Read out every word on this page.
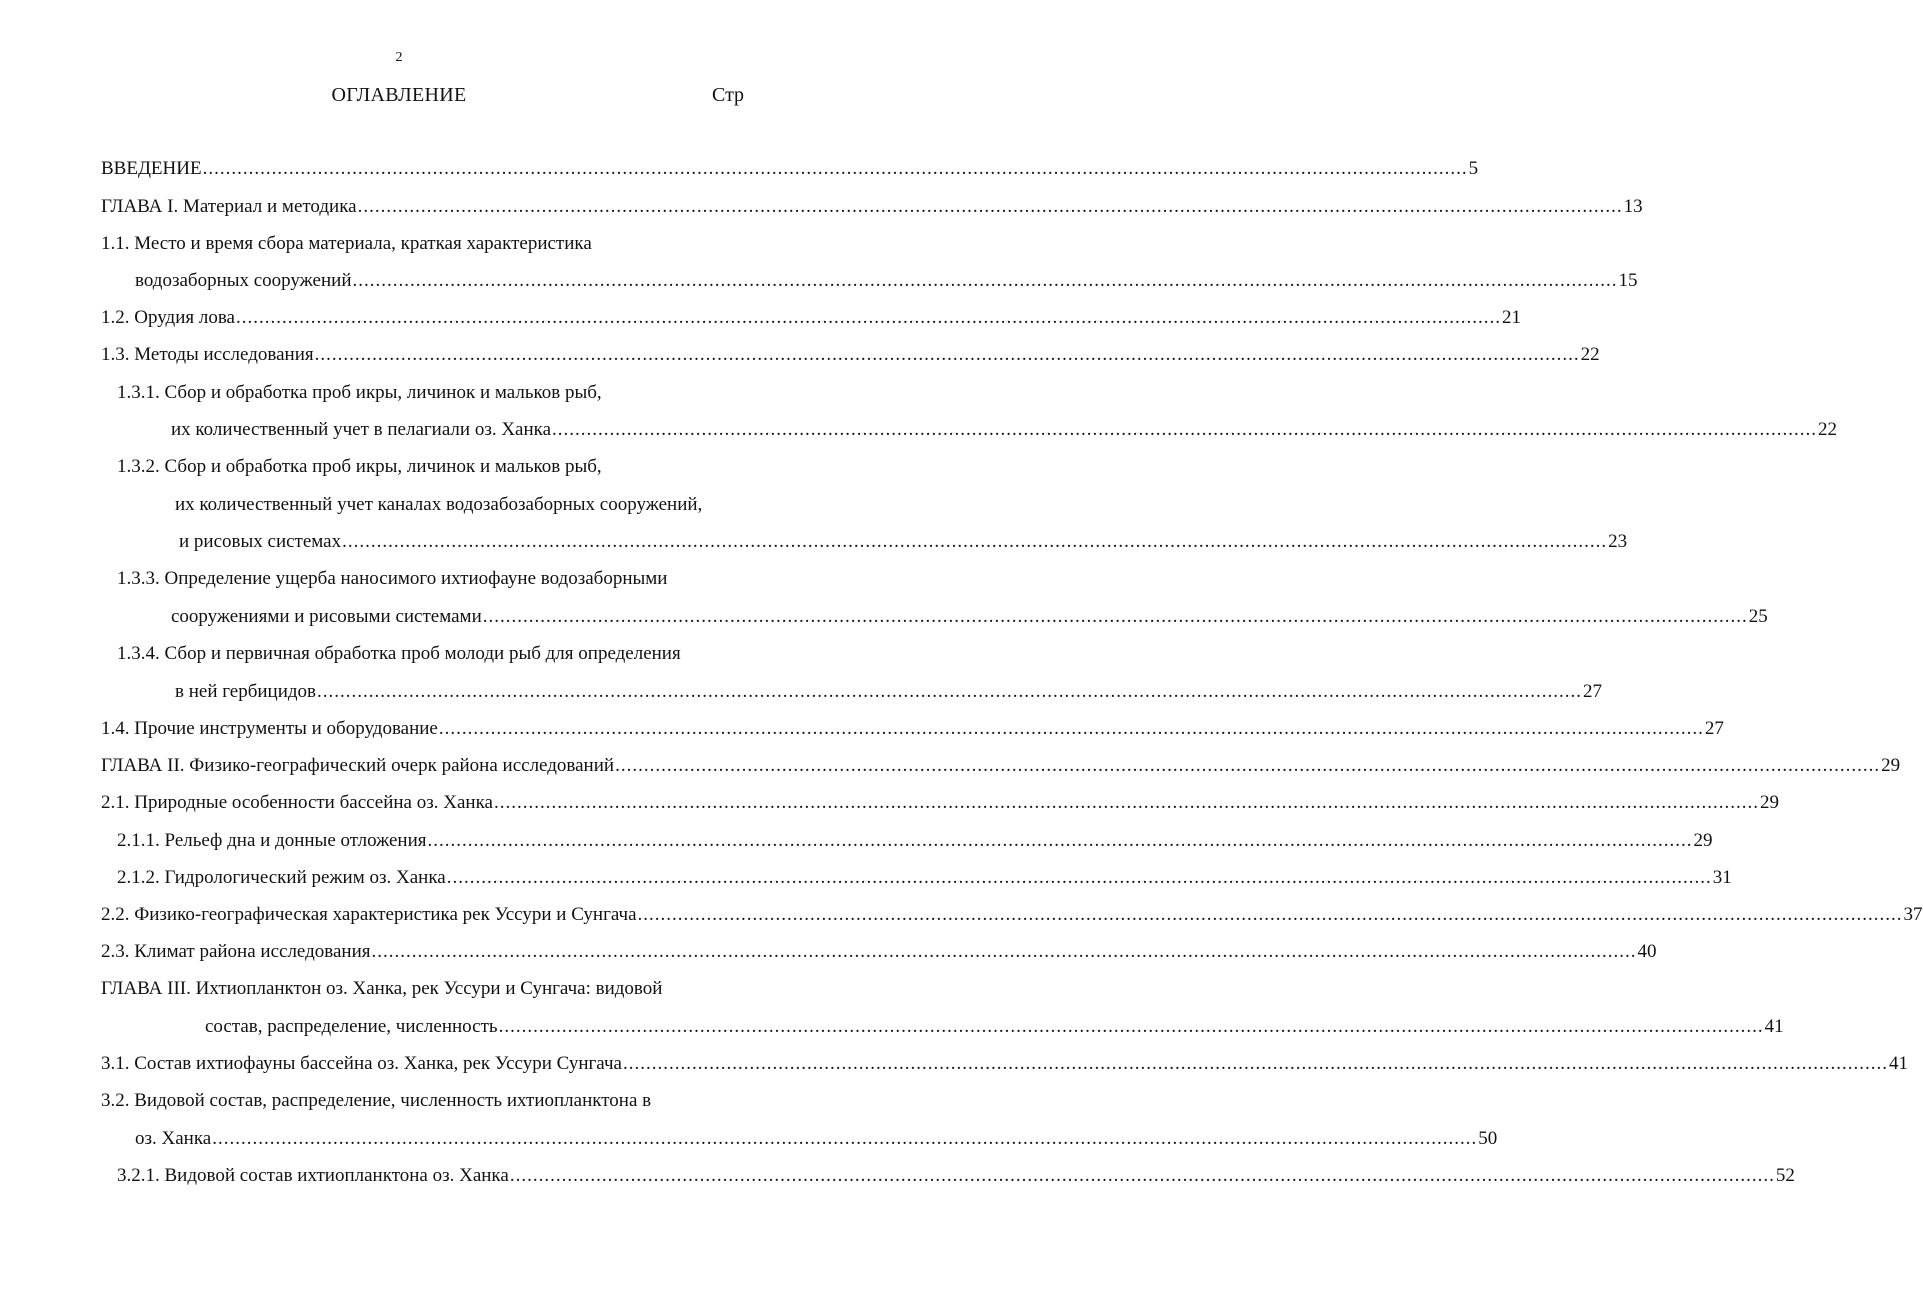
2
ОГЛАВЛЕНИЕ	Стр
ВВЕДЕНИЕ ............................................................................................................................................................................................................................ 5
ГЛАВА I. Материал и методика ............................................................................................................................................................................................................................ 13
1.1. Место и время сбора материала, краткая характеристика
водозаборных сооружений ............................................................................................................................................................................................................................ 15
1.2. Орудия лова ............................................................................................................................................................................................................................ 21
1.3. Методы исследования ............................................................................................................................................................................................................................ 22
1.3.1. Сбор и обработка проб икры, личинок и мальков рыб,
их количественный учет в пелагиали оз. Ханка ............................................................................................................................................................................................................................ 22
1.3.2. Сбор и обработка проб икры, личинок и мальков рыб,
их количественный учет каналах водозабозаборных сооружений,
и рисовых системах ............................................................................................................................................................................................................................ 23
1.3.3. Определение ущерба наносимого ихтиофауне водозаборными
сооружениями и рисовыми системами ............................................................................................................................................................................................................................ 25
1.3.4. Сбор и первичная обработка проб молоди рыб для определения
в ней гербицидов ............................................................................................................................................................................................................................ 27
1.4. Прочие инструменты и оборудование ............................................................................................................................................................................................................................ 27
ГЛАВА II. Физико-географический очерк района исследований ............................................................................................................................................................................................................................ 29
2.1. Природные особенности бассейна оз. Ханка ............................................................................................................................................................................................................................ 29
2.1.1. Рельеф дна и донные отложения ............................................................................................................................................................................................................................ 29
2.1.2. Гидрологический режим оз. Ханка ............................................................................................................................................................................................................................ 31
2.2. Физико-географическая характеристика рек Уссури и Сунгача ............................................................................................................................................................................................................................ 37
2.3. Климат района исследования ............................................................................................................................................................................................................................ 40
ГЛАВА III. Ихтиопланктон оз. Ханка, рек Уссури и Сунгача: видовой
состав, распределение, численность ............................................................................................................................................................................................................................ 41
3.1. Состав ихтиофауны бассейна оз. Ханка, рек Уссури Сунгача ............................................................................................................................................................................................................................ 41
3.2. Видовой состав, распределение, численность ихтиопланктона в
оз. Ханка ............................................................................................................................................................................................................................ 50
3.2.1. Видовой состав ихтиопланктона оз. Ханка ............................................................................................................................................................................................................................ 52
